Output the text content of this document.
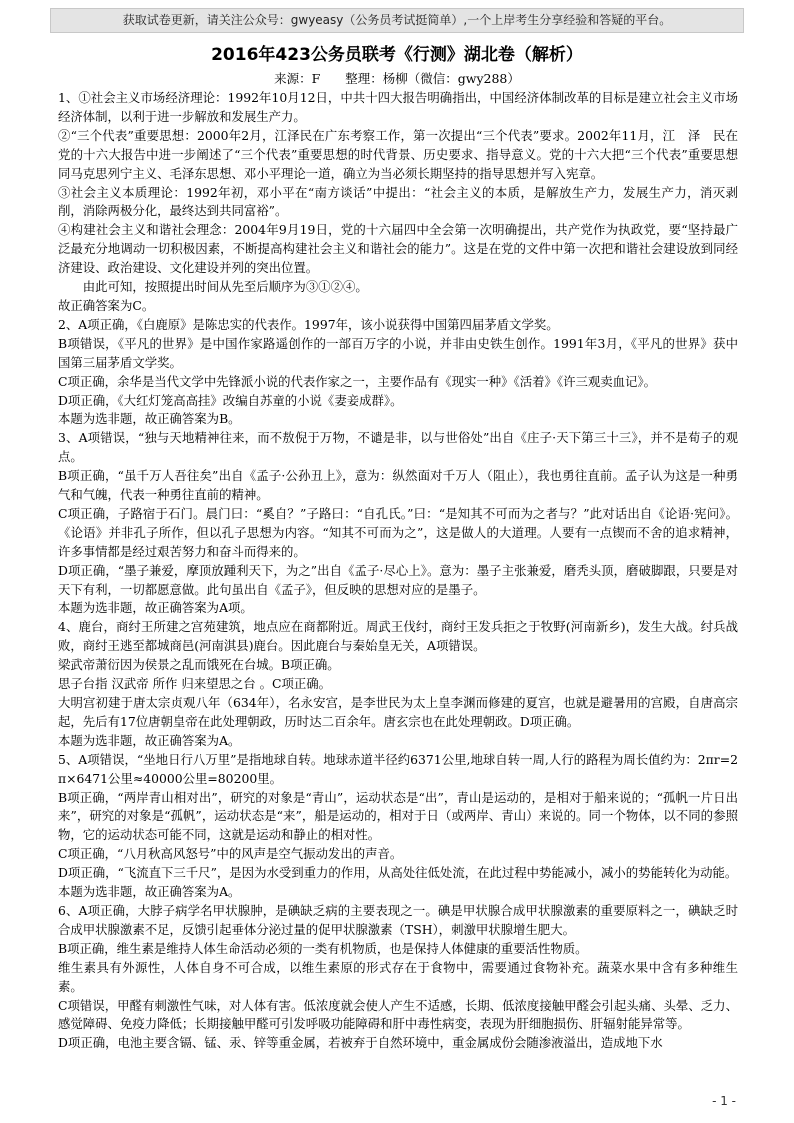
获取试卷更新，请关注公众号：gwyeasy（公务员考试挺简单）,一个上岸考生分享经验和答疑的平台。
2016年423公务员联考《行测》湖北卷（解析）
来源：F　　整理：杨柳（微信：gwy288）

1、①社会主义市场经济理论：1992年10月12日，中共十四大报告明确指出，中国经济体制改革的目标是建立社会主义市场经济体制，以利于进一步解放和发展生产力。

②“三个代表”重要思想：2000年2月，江泽民在广东考察工作，第一次提出“三个代表”要求。2002年11月，江　泽　民在党的十六大报告中进一步阐述了“三个代表”重要思想的时代背景、历史要求、指导意义。党的十六大把“三个代表”重要思想同马克思列宁主义、毛泽东思想、邓小平理论一道，确立为当必须长期坚持的指导思想并写入宪章。

③社会主义本质理论：1992年初，邓小平在“南方谈话”中提出：“社会主义的本质，是解放生产力，发展生产力，消灭剥削，消除两极分化，最终达到共同富裕”。

④构建社会主义和谐社会理念：2004年9月19日，党的十六届四中全会第一次明确提出，共产党作为执政党，要“坚持最广泛最充分地调动一切积极因素，不断提高构建社会主义和谐社会的能力”。这是在党的文件中第一次把和谐社会建设放到同经济建设、政治建设、文化建设并列的突出位置。

由此可知，按照提出时间从先至后顺序为③①②④。

故正确答案为C。

2、A项正确，《白鹿原》是陈忠实的代表作。1997年，该小说获得中国第四届茅盾文学奖。

B项错误，《平凡的世界》是中国作家路遥创作的一部百万字的小说，并非由史铁生创作。1991年3月，《平凡的世界》获中国第三届茅盾文学奖。

C项正确，余华是当代文学中先锋派小说的代表作家之一，主要作品有《现实一种》《活着》《许三观卖血记》。

D项正确，《大红灯笼高高挂》改编自苏童的小说《妻妾成群》。

本题为选非题，故正确答案为B。

3、A项错误，“独与天地精神往来，而不敖倪于万物，不谴是非，以与世俗处”出自《庄子·天下第三十三》，并不是荀子的观点。

B项正确，“虽千万人吾往矣”出自《孟子·公孙丑上》，意为：纵然面对千万人（阻止），我也勇往直前。孟子认为这是一种勇气和气魄，代表一种勇往直前的精神。

C项正确，子路宿于石门。晨门曰：“奚自？”子路曰：“自孔氏。”曰：“是知其不可而为之者与？”此对话出自《论语·宪问》。《论语》并非孔子所作，但以孔子思想为内容。“知其不可而为之”，这是做人的大道理。人要有一点锲而不舍的追求精神，许多事情都是经过艰苦努力和奋斗而得来的。

D项正确，“墨子兼爱，摩顶放踵利天下，为之”出自《孟子·尽心上》。意为：墨子主张兼爱，磨秃头顶，磨破脚跟，只要是对天下有利，一切都愿意做。此句虽出自《孟子》，但反映的思想对应的是墨子。

本题为选非题，故正确答案为A项。

4、鹿台，商纣王所建之宫苑建筑，地点应在商都附近。周武王伐纣，商纣王发兵拒之于牧野(河南新乡)，发生大战。纣兵战败，商纣王逃至都城商邑(河南淇县)鹿台。因此鹿台与秦始皇无关，A项错误。

梁武帝萧衍因为侯景之乱而饿死在台城。B项正确。

思子台指 汉武帝 所作 归来望思之台 。C项正确。

大明宫初建于唐太宗贞观八年（634年），名永安宫，是李世民为太上皇李渊而修建的夏宫，也就是避暑用的宫殿，自唐高宗起，先后有17位唐朝皇帝在此处理朝政，历时达二百余年。唐玄宗也在此处理朝政。D项正确。

本题为选非题，故正确答案为A。

5、A项错误，“坐地日行八万里”是指地球自转。地球赤道半径约6371公里,地球自转一周,人行的路程为周长值约为：2πr=2π×6471公里≈40000公里=80200里。

B项正确，“两岸青山相对出”，研究的对象是“青山”，运动状态是“出”，青山是运动的，是相对于船来说的；“孤帆一片日出来”，研究的对象是“孤帆”，运动状态是“来”，船是运动的，相对于日（或两岸、青山）来说的。同一个物体，以不同的参照物，它的运动状态可能不同，这就是运动和静止的相对性。

C项正确，“八月秋高风怒号”中的风声是空气振动发出的声音。

D项正确，“飞流直下三千尺”，是因为水受到重力的作用，从高处往低处流，在此过程中势能减小，减小的势能转化为动能。

本题为选非题，故正确答案为A。

6、A项正确，大脖子病学名甲状腺肿，是碘缺乏病的主要表现之一。碘是甲状腺合成甲状腺激素的重要原料之一，碘缺乏时合成甲状腺激素不足，反馈引起垂体分泌过量的促甲状腺激素（TSH），刺激甲状腺增生肥大。

B项正确，维生素是维持人体生命活动必须的一类有机物质，也是保持人体健康的重要活性物质。

维生素具有外源性，人体自身不可合成，以维生素原的形式存在于食物中，需要通过食物补充。蔬菜水果中含有多种维生素。

C项错误，甲醛有刺激性气味，对人体有害。低浓度就会使人产生不适感，长期、低浓度接触甲醛会引起头痛、头晕、乏力、感觉障碍、免疫力降低；长期接触甲醛可引发呼吸功能障碍和肝中毒性病变，表现为肝细胞损伤、肝辐射能异常等。

D项正确，电池主要含镉、锰、汞、锌等重金属，若被弃于自然环境中，重金属成份会随渗液溢出，造成地下水

- 1 -
